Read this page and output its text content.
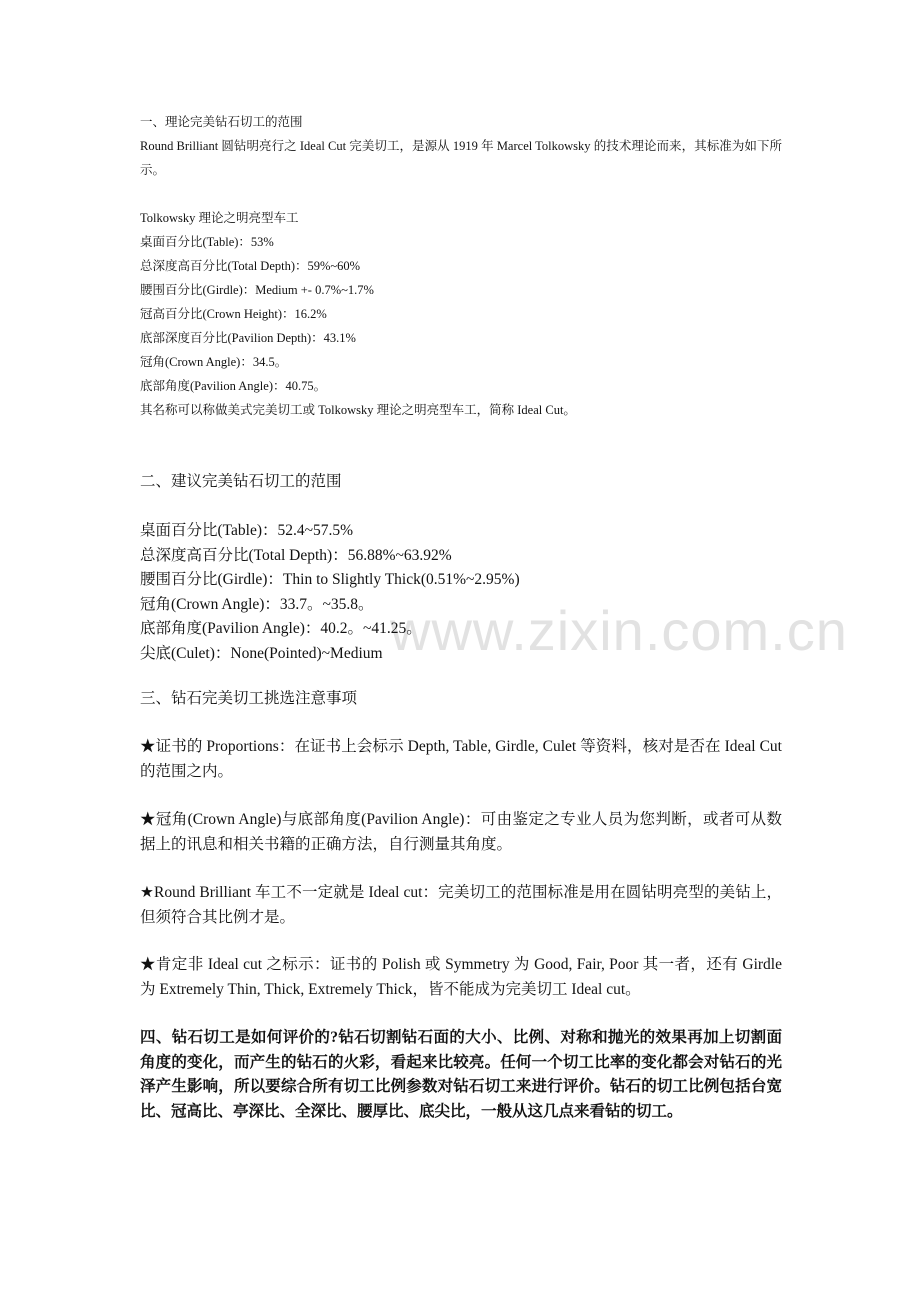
www.zixin.com.cn

一、理论完美钻石切工的范围

Round Brilliant 圆钻明亮行之 Ideal Cut 完美切工，是源从 1919 年 Marcel Tolkowsky 的技术理论而来，其标准为如下所示。

Tolkowsky 理论之明亮型车工

桌面百分比(Table)：53%
总深度高百分比(Total Depth)：59%~60%
腰围百分比(Girdle)：Medium +- 0.7%~1.7%
冠高百分比(Crown Height)：16.2%
底部深度百分比(Pavilion Depth)：43.1%
冠角(Crown Angle)：34.5。
底部角度(Pavilion Angle)：40.75。

其名称可以称做美式完美切工或 Tolkowsky 理论之明亮型车工，简称 Ideal Cut。

二、建议完美钻石切工的范围

桌面百分比(Table)：52.4~57.5%
总深度高百分比(Total Depth)：56.88%~63.92%
腰围百分比(Girdle)：Thin to Slightly Thick(0.51%~2.95%)
冠角(Crown Angle)：33.7。~35.8。
底部角度(Pavilion Angle)：40.2。~41.25。
尖底(Culet)：None(Pointed)~Medium

三、钻石完美切工挑选注意事项

★证书的 Proportions：在证书上会标示 Depth, Table, Girdle, Culet 等资料，核对是否在 Ideal Cut 的范围之内。

★冠角(Crown Angle)与底部角度(Pavilion Angle)：可由鉴定之专业人员为您判断，或者可从数据上的讯息和相关书籍的正确方法，自行测量其角度。

★Round Brilliant 车工不一定就是 Ideal cut：完美切工的范围标准是用在圆钻明亮型的美钻上，但须符合其比例才是。

★肯定非 Ideal cut 之标示：证书的 Polish 或 Symmetry 为 Good, Fair, Poor 其一者，还有 Girdle 为 Extremely Thin, Thick, Extremely Thick，皆不能成为完美切工 Ideal cut。

四、钻石切工是如何评价的?钻石切割钻石面的大小、比例、对称和抛光的效果再加上切割面角度的变化，而产生的钻石的火彩，看起来比较亮。任何一个切工比率的变化都会对钻石的光泽产生影响，所以要综合所有切工比例参数对钻石切工来进行评价。钻石的切工比例包括台宽比、冠高比、亭深比、全深比、腰厚比、底尖比，一般从这几点来看钻的切工。
